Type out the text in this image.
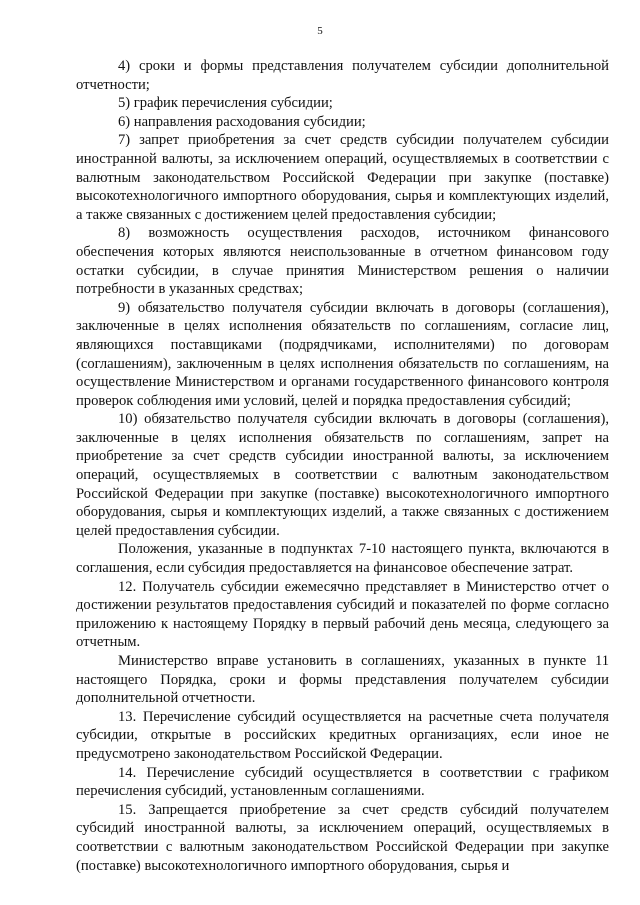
5

4) сроки и формы представления получателем субсидии дополнительной отчетности;

5) график перечисления субсидии;

6) направления расходования субсидии;

7) запрет приобретения за счет средств субсидии получателем субсидии иностранной валюты, за исключением операций, осуществляемых в соответствии с валютным законодательством Российской Федерации при закупке (поставке) высокотехнологичного импортного оборудования, сырья и комплектующих изделий, а также связанных с достижением целей предоставления субсидии;

8) возможность осуществления расходов, источником финансового обеспечения которых являются неиспользованные в отчетном финансовом году остатки субсидии, в случае принятия Министерством решения о наличии потребности в указанных средствах;

9) обязательство получателя субсидии включать в договоры (соглашения), заключенные в целях исполнения обязательств по соглашениям, согласие лиц, являющихся поставщиками (подрядчиками, исполнителями) по договорам (соглашениям), заключенным в целях исполнения обязательств по соглашениям, на осуществление Министерством и органами государственного финансового контроля проверок соблюдения ими условий, целей и порядка предоставления субсидий;

10) обязательство получателя субсидии включать в договоры (соглашения), заключенные в целях исполнения обязательств по соглашениям, запрет на приобретение за счет средств субсидии иностранной валюты, за исключением операций, осуществляемых в соответствии с валютным законодательством Российской Федерации при закупке (поставке) высокотехнологичного импортного оборудования, сырья и комплектующих изделий, а также связанных с достижением целей предоставления субсидии.

Положения, указанные в подпунктах 7-10 настоящего пункта, включаются в соглашения, если субсидия предоставляется на финансовое обеспечение затрат.

12. Получатель субсидии ежемесячно представляет в Министерство отчет о достижении результатов предоставления субсидий и показателей по форме согласно приложению к настоящему Порядку в первый рабочий день месяца, следующего за отчетным.

Министерство вправе установить в соглашениях, указанных в пункте 11 настоящего Порядка, сроки и формы представления получателем субсидии дополнительной отчетности.

13. Перечисление субсидий осуществляется на расчетные счета получателя субсидии, открытые в российских кредитных организациях, если иное не предусмотрено законодательством Российской Федерации.

14. Перечисление субсидий осуществляется в соответствии с графиком перечисления субсидий, установленным соглашениями.

15. Запрещается приобретение за счет средств субсидий получателем субсидий иностранной валюты, за исключением операций, осуществляемых в соответствии с валютным законодательством Российской Федерации при закупке (поставке) высокотехнологичного импортного оборудования, сырья и
